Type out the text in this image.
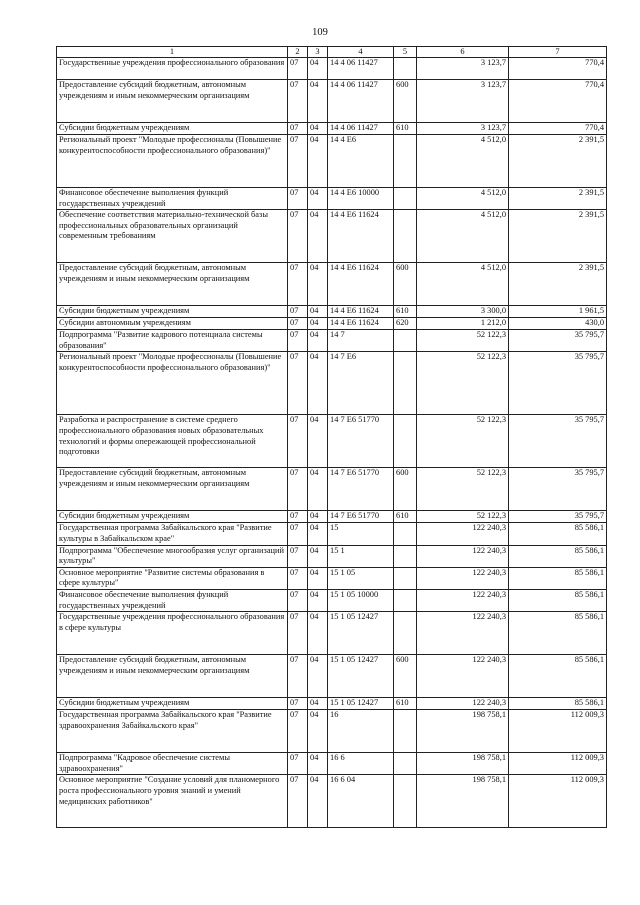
109
1	2	3	4	5	6	7
Государственные учреждения профессионального образования	07	04	14 4 06 11427		3 123,7	770,4
Предоставление субсидий бюджетным, автономным учреждениям и иным некоммерческим организациям	07	04	14 4 06 11427	600	3 123,7	770,4
Субсидии бюджетным учреждениям	07	04	14 4 06 11427	610	3 123,7	770,4
Региональный проект "Молодые профессионалы (Повышение конкурентоспособности профессионального образования)"	07	04	14 4 E6		4 512,0	2 391,5
Финансовое обеспечение выполнения функций государственных учреждений	07	04	14 4 E6 10000		4 512,0	2 391,5
Обеспечение соответствия материально-технической базы профессиональных образовательных организаций современным требованиям	07	04	14 4 E6 11624		4 512,0	2 391,5
Предоставление субсидий бюджетным, автономным учреждениям и иным некоммерческим организациям	07	04	14 4 E6 11624	600	4 512,0	2 391,5
Субсидии бюджетным учреждениям	07	04	14 4 E6 11624	610	3 300,0	1 961,5
Субсидии автономным учреждениям	07	04	14 4 E6 11624	620	1 212,0	430,0
Подпрограмма "Развитие кадрового потенциала системы образования"	07	04	14 7		52 122,3	35 795,7
Региональный проект "Молодые профессионалы (Повышение конкурентоспособности профессионального образования)"	07	04	14 7 E6		52 122,3	35 795,7
Разработка и распространение в системе среднего профессионального образования новых образовательных технологий и формы опережающей профессиональной подготовки	07	04	14 7 E6 51770		52 122,3	35 795,7
Предоставление субсидий бюджетным, автономным учреждениям и иным некоммерческим организациям	07	04	14 7 E6 51770	600	52 122,3	35 795,7
Субсидии бюджетным учреждениям	07	04	14 7 E6 51770	610	52 122,3	35 795,7
Государственная программа Забайкальского края "Развитие культуры в Забайкальском крае"	07	04	15		122 240,3	85 586,1
Подпрограмма "Обеспечение многообразия услуг организаций культуры"	07	04	15 1		122 240,3	85 586,1
Основное мероприятие "Развитие системы образования в сфере культуры"	07	04	15 1 05		122 240,3	85 586,1
Финансовое обеспечение выполнения функций государственных учреждений	07	04	15 1 05 10000		122 240,3	85 586,1
Государственные учреждения профессионального образования в сфере культуры	07	04	15 1 05 12427		122 240,3	85 586,1
Предоставление субсидий бюджетным, автономным учреждениям и иным некоммерческим организациям	07	04	15 1 05 12427	600	122 240,3	85 586,1
Субсидии бюджетным учреждениям	07	04	15 1 05 12427	610	122 240,3	85 586,1
Государственная программа Забайкальского края "Развитие здравоохранения Забайкальского края"	07	04	16		198 758,1	112 009,3
Подпрограмма "Кадровое обеспечение системы здравоохранения"	07	04	16 6		198 758,1	112 009,3
Основное мероприятие "Создание условий для планомерного роста профессионального уровня знаний и умений медицинских работников"	07	04	16 6 04		198 758,1	112 009,3
